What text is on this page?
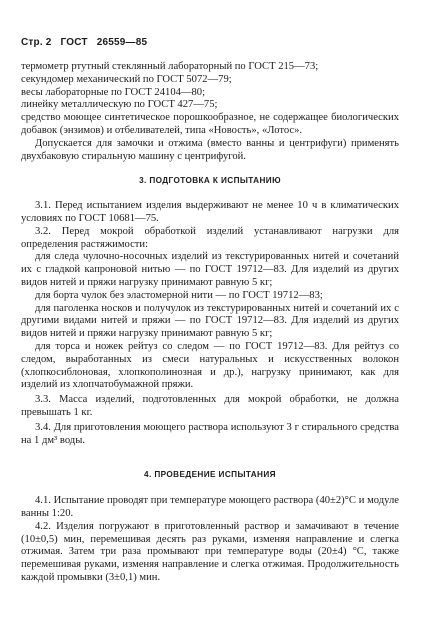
Стр. 2 ГОСТ 26559—85

термометр ртутный стеклянный лабораторный по ГОСТ 215—73;

секундомер механический по ГОСТ 5072—79;

весы лабораторные по ГОСТ 24104—80;

линейку металлическую по ГОСТ 427—75;

средство моющее синтетическое порошкообразное, не содержащее биологических добавок (энзимов) и отбеливателей, типа «Новость», «Лотос».

Допускается для замочки и отжима (вместо ванны и центрифуги) применять двухбаковую стиральную машину с центрифугой.

3. ПОДГОТОВКА К ИСПЫТАНИЮ

3.1. Перед испытанием изделия выдерживают не менее 10 ч в климатических условиях по ГОСТ 10681—75.

3.2. Перед мокрой обработкой изделий устанавливают нагрузки для определения растяжимости:

для следа чулочно-носочных изделий из текстурированных нитей и сочетаний их с гладкой капроновой нитью — по ГОСТ 19712—83. Для изделий из других видов нитей и пряжи нагрузку принимают равную 5 кг;

для борта чулок без эластомерной нити — по ГОСТ 19712—83;

для паголенка носков и получулок из текстурированных нитей и сочетаний их с другими видами нитей и пряжи — по ГОСТ 19712—83. Для изделий из других видов нитей и пряжи нагрузку принимают равную 5 кг;

для торса и ножек рейтуз со следом — по ГОСТ 19712—83. Для рейтуз со следом, выработанных из смеси натуральных и искусственных волокон (хлопкосиблоновая, хлопкополинозная и др.), нагрузку принимают, как для изделий из хлопчатобумажной пряжи.

3.3. Масса изделий, подготовленных для мокрой обработки, не должна превышать 1 кг.

3.4. Для приготовления моющего раствора используют 3 г стирального средства на 1 дм³ воды.

4. ПРОВЕДЕНИЕ ИСПЫТАНИЯ

4.1. Испытание проводят при температуре моющего раствора (40±2)°С и модуле ванны 1:20.

4.2. Изделия погружают в приготовленный раствор и замачивают в течение (10±0,5) мин, перемешивая десять раз руками, изменяя направление и слегка отжимая. Затем три раза промывают при температуре воды (20±4) °С, также перемешивая руками, изменяя направление и слегка отжимая. Продолжительность каждой промывки (3±0,1) мин.
